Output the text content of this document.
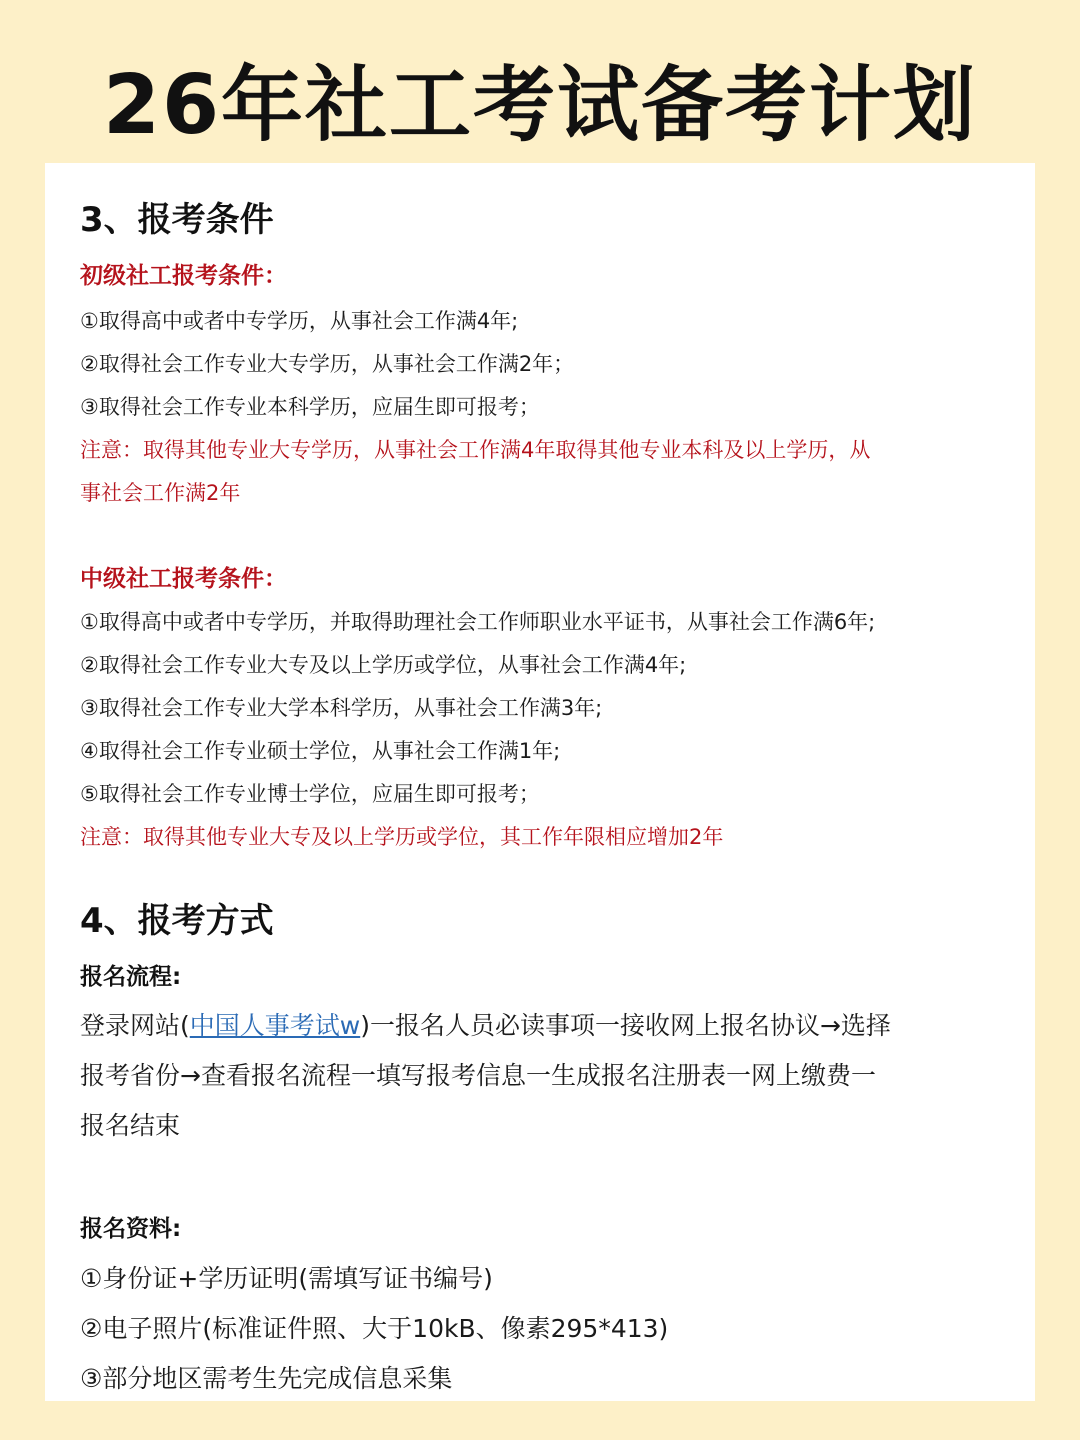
26年社工考试备考计划
3、报考条件
初级社工报考条件：
①取得高中或者中专学历，从事社会工作满4年;
②取得社会工作专业大专学历，从事社会工作满2年；
③取得社会工作专业本科学历，应届生即可报考；
注意：取得其他专业大专学历，从事社会工作满4年取得其他专业本科及以上学历，从
事社会工作满2年
中级社工报考条件：
①取得高中或者中专学历，并取得助理社会工作师职业水平证书，从事社会工作满6年;
②取得社会工作专业大专及以上学历或学位，从事社会工作满4年;
③取得社会工作专业大学本科学历，从事社会工作满3年;
④取得社会工作专业硕士学位，从事社会工作满1年;
⑤取得社会工作专业博士学位，应届生即可报考；
注意：取得其他专业大专及以上学历或学位，其工作年限相应增加2年
4、报考方式
报名流程:
登录网站(中国人事考试w)一报名人员必读事项一接收网上报名协议→选择
报考省份→查看报名流程一填写报考信息一生成报名注册表一网上缴费一
报名结束
报名资料:
①身份证+学历证明(需填写证书编号)
②电子照片(标准证件照、大于10kB、像素295*413)
③部分地区需考生先完成信息采集
